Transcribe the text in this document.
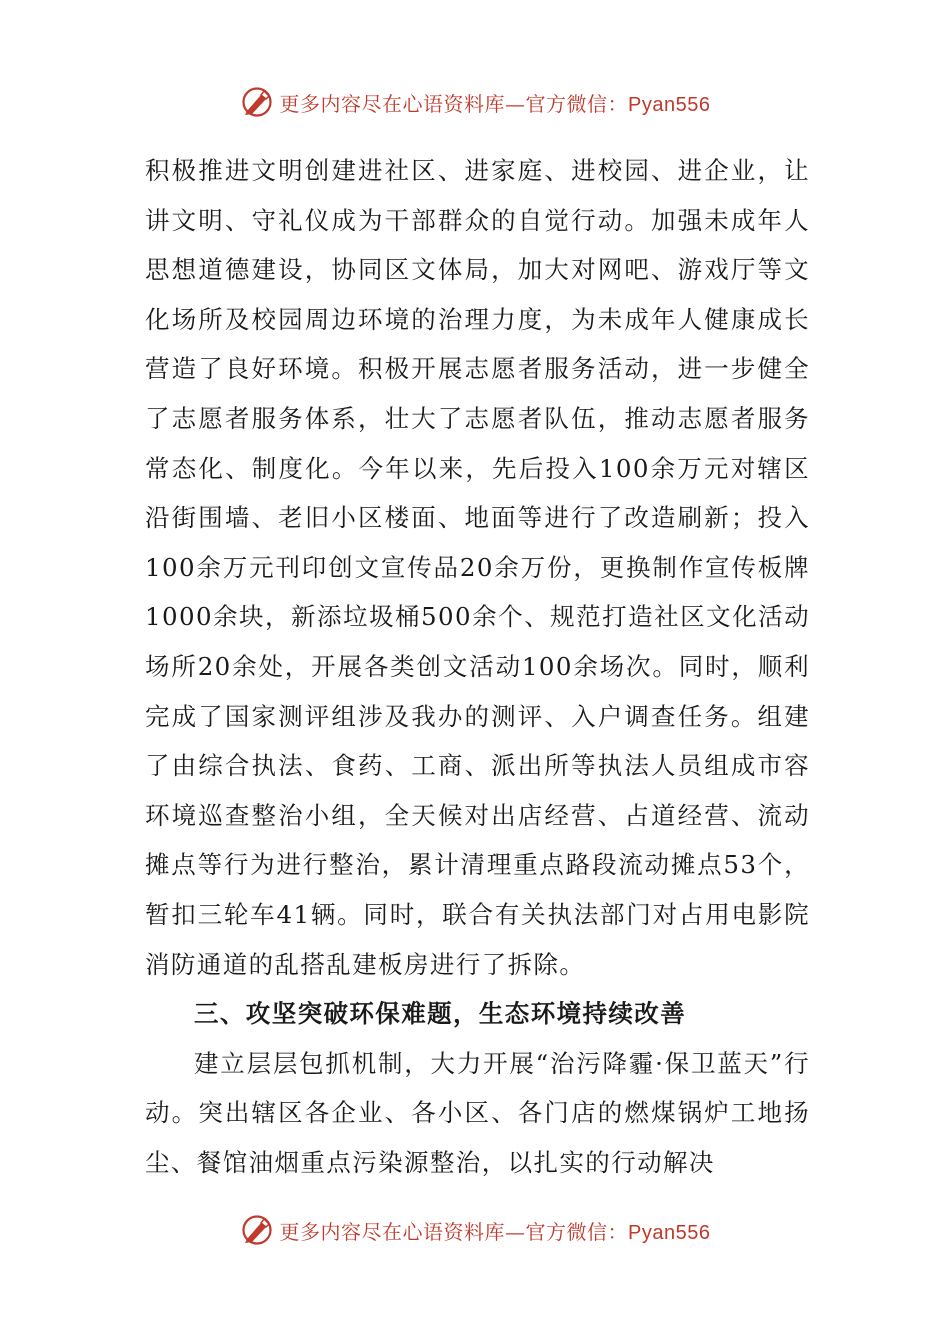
更多内容尽在心语资料库—官方微信：Pyan556

积极推进文明创建进社区、进家庭、进校园、进企业，让讲文明、守礼仪成为干部群众的自觉行动。加强未成年人思想道德建设，协同区文体局，加大对网吧、游戏厅等文化场所及校园周边环境的治理力度，为未成年人健康成长营造了良好环境。积极开展志愿者服务活动，进一步健全了志愿者服务体系，壮大了志愿者队伍，推动志愿者服务常态化、制度化。今年以来，先后投入100余万元对辖区沿街围墙、老旧小区楼面、地面等进行了改造刷新；投入100余万元刊印创文宣传品20余万份，更换制作宣传板牌1000余块，新添垃圾桶500余个、规范打造社区文化活动场所20余处，开展各类创文活动100余场次。同时，顺利完成了国家测评组涉及我办的测评、入户调查任务。组建了由综合执法、食药、工商、派出所等执法人员组成市容环境巡查整治小组，全天候对出店经营、占道经营、流动摊点等行为进行整治，累计清理重点路段流动摊点53个，暂扣三轮车41辆。同时，联合有关执法部门对占用电影院消防通道的乱搭乱建板房进行了拆除。

三、攻坚突破环保难题，生态环境持续改善

建立层层包抓机制，大力开展“治污降霾·保卫蓝天”行动。突出辖区各企业、各小区、各门店的燃煤锅炉工地扬尘、餐馆油烟重点污染源整治，以扎实的行动解决

更多内容尽在心语资料库—官方微信：Pyan556
